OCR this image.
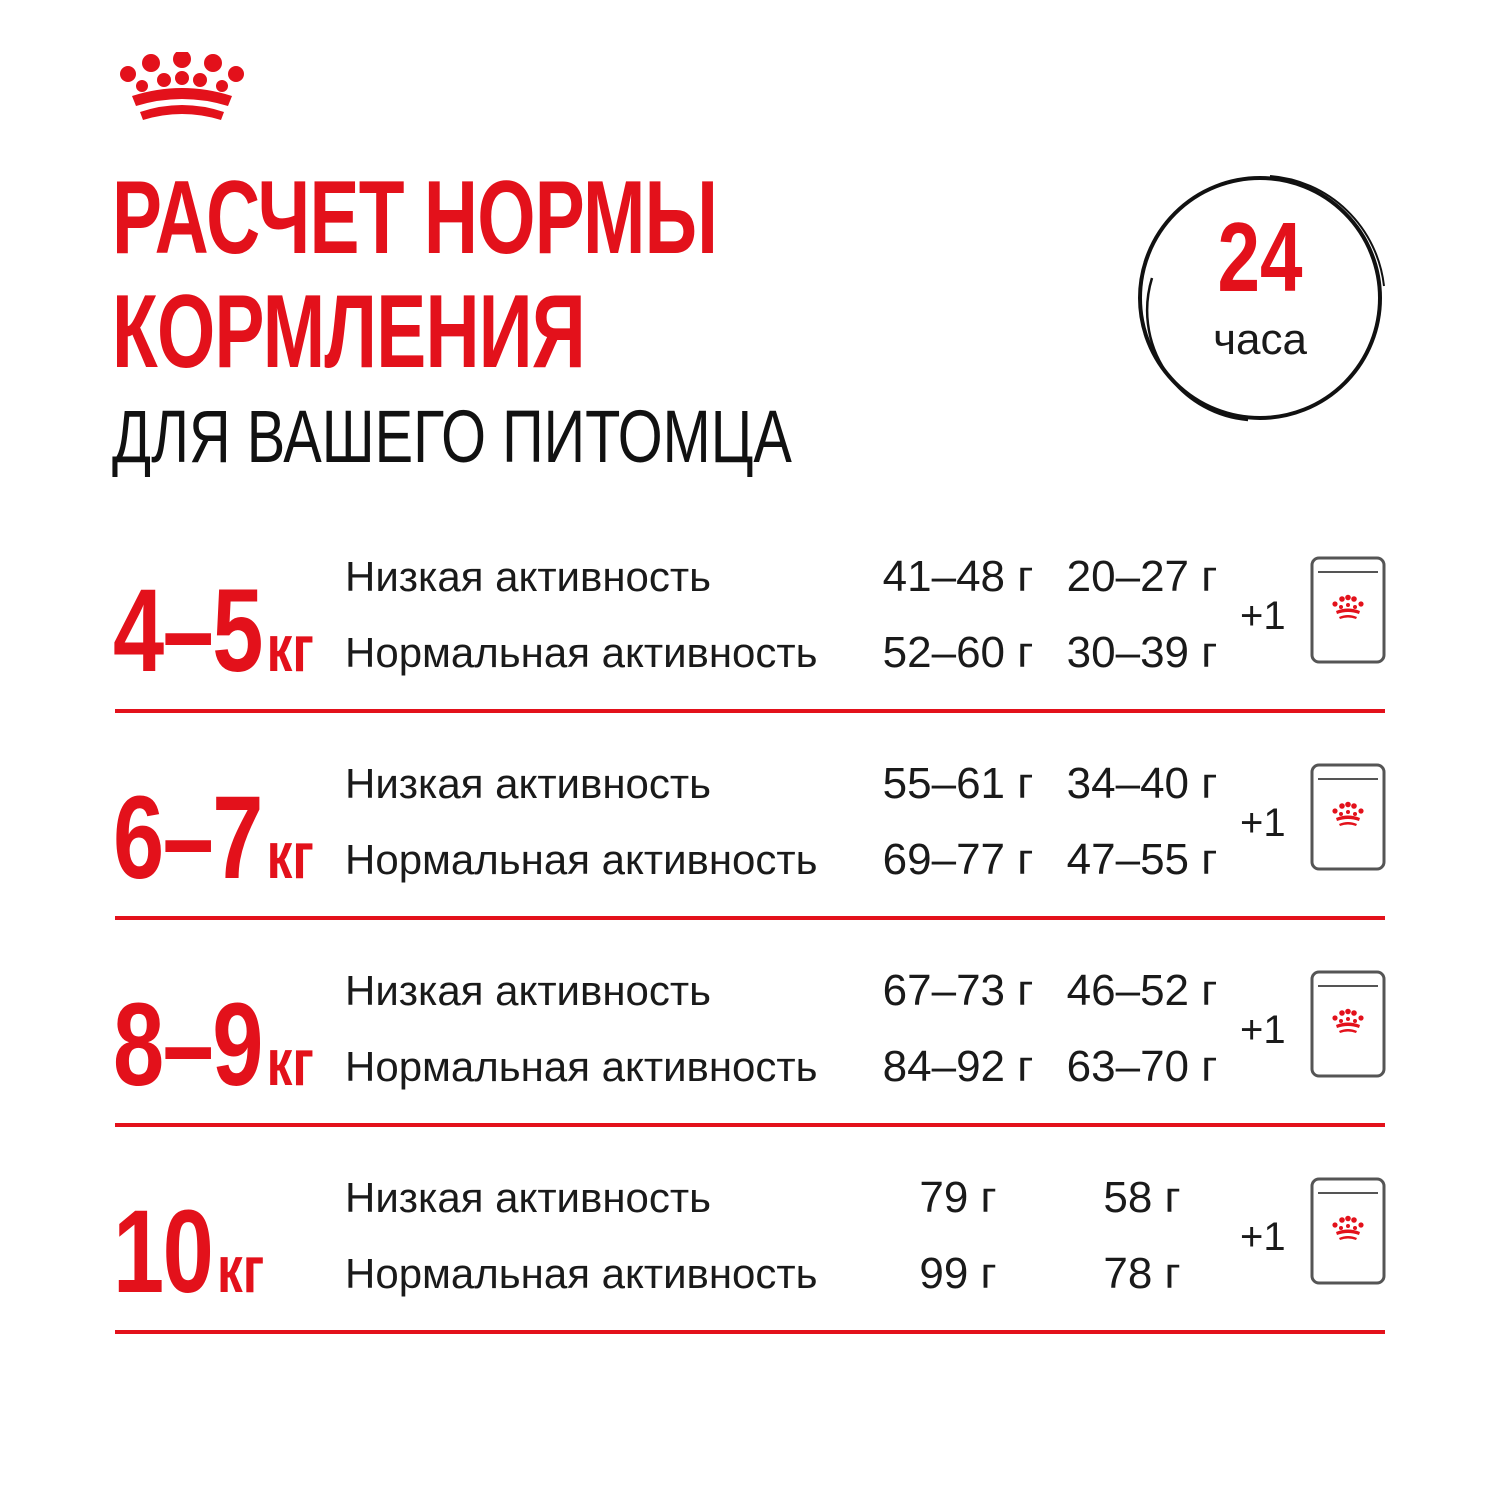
РАСЧЕТ НОРМЫ
КОРМЛЕНИЯ
ДЛЯ ВАШЕГО ПИТОМЦА
24
часа
4–5кг
Низкая активность
Нормальная активность
41–48 г 20–27 г
52–60 г 30–39 г
+1
6–7кг
Низкая активность
Нормальная активность
55–61 г 34–40 г
69–77 г 47–55 г
+1
8–9кг
Низкая активность
Нормальная активность
67–73 г 46–52 г
84–92 г 63–70 г
+1
10кг
Низкая активность
Нормальная активность
79 г	58 г
99 г	78 г
+1
